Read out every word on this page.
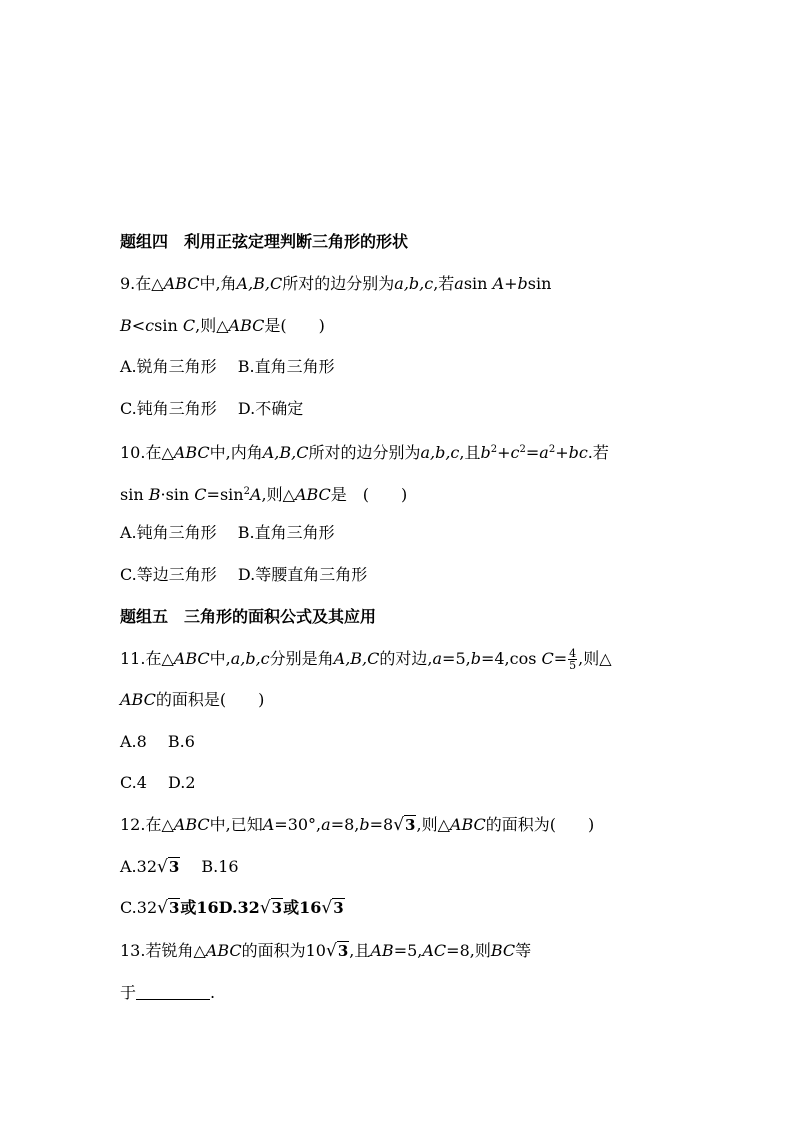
题组四　利用正弦定理判断三角形的形状
9.在△ABC中,角A,B,C所对的边分别为a,b,c,若asin A+bsin
B<csin C,则△ABC是(　　)
A.锐角三角形　 B.直角三角形
C.钝角三角形　 D.不确定
10.在△ABC中,内角A,B,C所对的边分别为a,b,c,且$b^2+c^2=a^2+bc$.若
sin B·sin $C=\sin^2A$,则△ABC是　(　　)
A.钝角三角形　 B.直角三角形
C.等边三角形　 D.等腰直角三角形
题组五　三角形的面积公式及其应用
11.在△ABC中,a,b,c分别是角A,B,C的对边,a=5,b=4,cos $C= \frac{4}{5}$ ,则△
ABC的面积是(　　)
A.8　 B.6
C.4　 D.2
12.在△ABC中,已知A=30°,a=8,b=8√3,则△ABC的面积为(　　)
A.32√3　 B.16
C.32√3或16D.32√3或16√3
13.若锐角△ABC的面积为10√3,且AB=5,AC=8,则BC等
于	.
